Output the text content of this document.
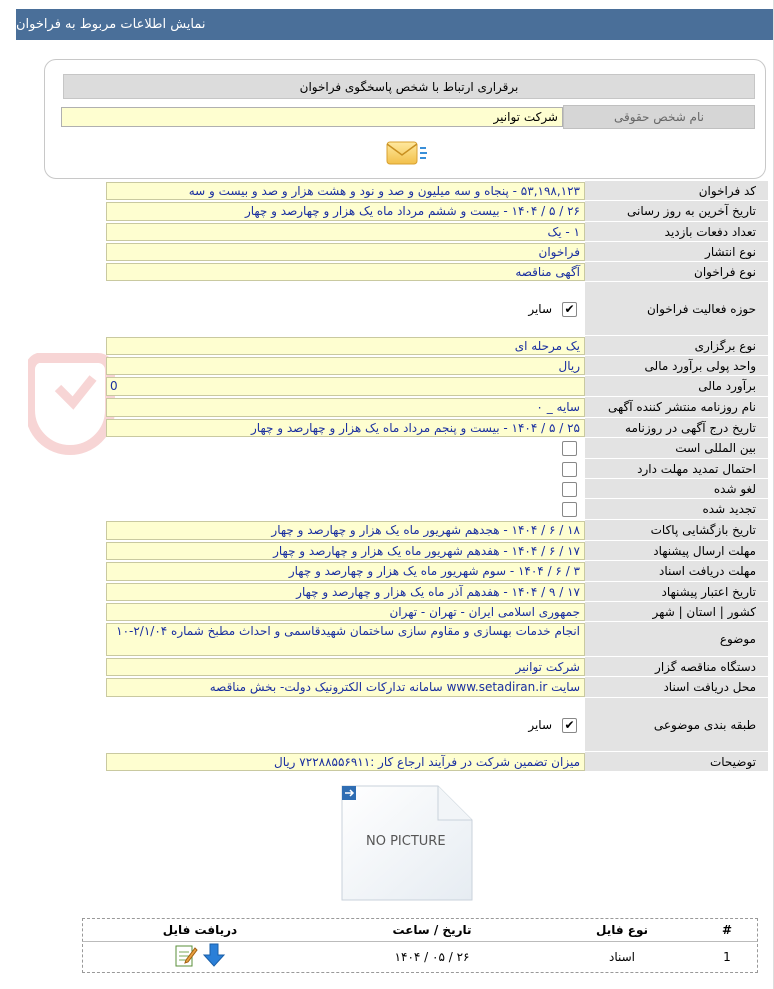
نمایش اطلاعات مربوط به فراخوان
برقراری ارتباط با شخص پاسخگوی فراخوان
نام شخص حقوقی
شرکت توانیر
کد فراخوان
۵۳,۱۹۸,۱۲۳ - پنجاه و سه میلیون و صد و نود و هشت هزار و صد و بیست و سه
تاریخ آخرین به روز رسانی
۲۶ / ۵ / ۱۴۰۴ - بیست و ششم مرداد ماه یک هزار و چهارصد و چهار
تعداد دفعات بازدید
۱ - یک
نوع انتشار
فراخوان
نوع فراخوان
آگهی مناقصه
حوزه فعالیت فراخوان
✔
سایر
نوع برگزاری
یک مرحله ای
واحد پولی برآورد مالی
ریال
برآورد مالی
0
نام روزنامه منتشر کننده آگهی
سایه _ ۰
تاریخ درج آگهی در روزنامه
۲۵ / ۵ / ۱۴۰۴ - بیست و پنجم مرداد ماه یک هزار و چهارصد و چهار
بین المللی است
احتمال تمدید مهلت دارد
لغو شده
تجدید شده
تاریخ بازگشایی پاکات
۱۸ / ۶ / ۱۴۰۴ - هجدهم شهریور ماه یک هزار و چهارصد و چهار
مهلت ارسال پیشنهاد
۱۷ / ۶ / ۱۴۰۴ - هفدهم شهریور ماه یک هزار و چهارصد و چهار
مهلت دریافت اسناد
۳ / ۶ / ۱۴۰۴ - سوم شهریور ماه یک هزار و چهارصد و چهار
تاریخ اعتبار پیشنهاد
۱۷ / ۹ / ۱۴۰۴ - هفدهم آذر ماه یک هزار و چهارصد و چهار
کشور | استان | شهر
جمهوری اسلامی ایران - تهران - تهران
موضوع
انجام خدمات بهسازی و مقاوم سازی ساختمان شهیدقاسمی و احداث مطبخ شماره ۲/۱/۰۴-۱۰
دستگاه مناقصه گزار
شرکت توانیر
محل دریافت اسناد
سایت www.setadiran.ir سامانه تدارکات الکترونیک دولت- بخش مناقصه
طبقه بندی موضوعی
✔
سایر
توضیحات
میزان تضمین شرکت در فرآیند ارجاع کار :۷۲۲۸۸۵۵۶۹۱۱ ریال
NO PICTURE
#	نوع فایل	تاریخ / ساعت	دریافت فایل
1	اسناد	۲۶ / ۰۵ / ۱۴۰۴	
